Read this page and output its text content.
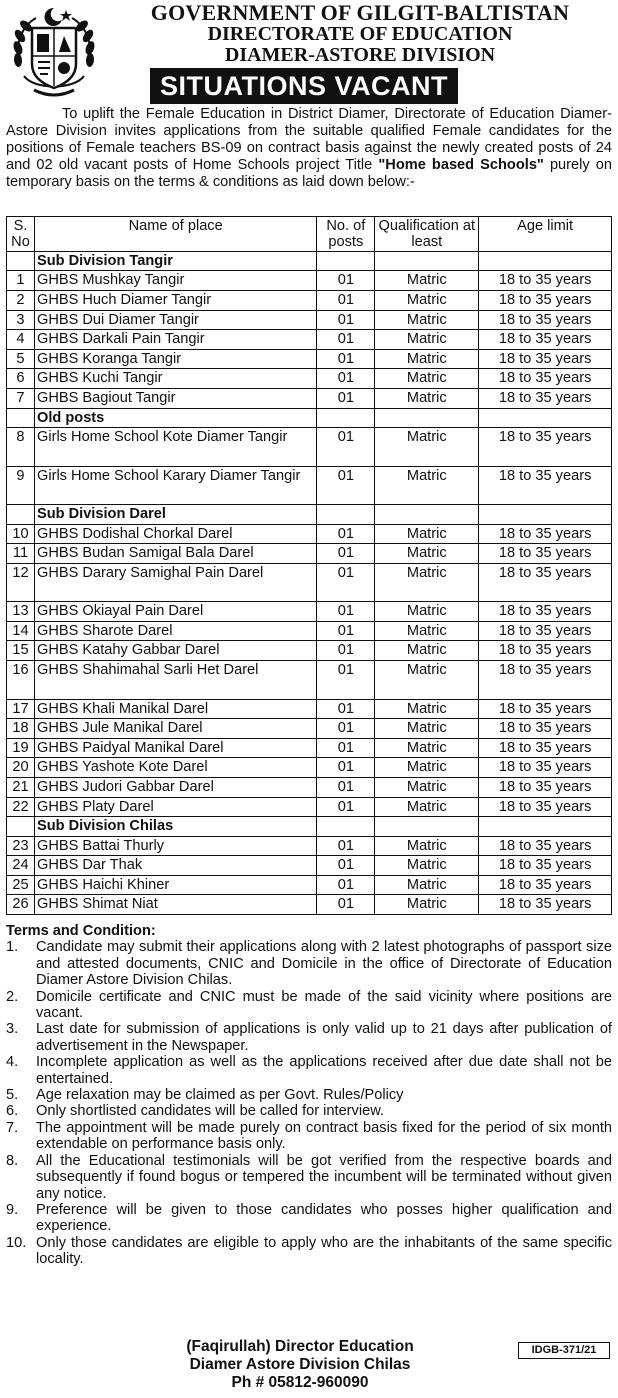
GOVERNMENT OF GILGIT-BALTISTAN
DIRECTORATE OF EDUCATION
DIAMER-ASTORE DIVISION
SITUATIONS VACANT

To uplift the Female Education in District Diamer, Directorate of Education Diamer-Astore Division invites applications from the suitable qualified Female candidates for the positions of Female teachers BS-09 on contract basis against the newly created posts of 24 and 02 old vacant posts of Home Schools project Title "Home based Schools" purely on temporary basis on the terms & conditions as laid down below:-

S. No	Name of place	No. of posts	Qualification at least	Age limit
	Sub Division Tangir			
1	GHBS Mushkay Tangir	01	Matric	18 to 35 years
2	GHBS Huch Diamer Tangir	01	Matric	18 to 35 years
3	GHBS Dui Diamer Tangir	01	Matric	18 to 35 years
4	GHBS Darkali Pain Tangir	01	Matric	18 to 35 years
5	GHBS Koranga Tangir	01	Matric	18 to 35 years
6	GHBS Kuchi Tangir	01	Matric	18 to 35 years
7	GHBS Bagiout Tangir	01	Matric	18 to 35 years
	Old posts			
8	Girls Home School Kote Diamer Tangir	01	Matric	18 to 35 years
9	Girls Home School Karary Diamer Tangir	01	Matric	18 to 35 years
	Sub Division Darel			
10	GHBS Dodishal Chorkal Darel	01	Matric	18 to 35 years
11	GHBS Budan Samigal Bala Darel	01	Matric	18 to 35 years
12	GHBS Darary Samighal Pain Darel	01	Matric	18 to 35 years
13	GHBS Okiayal Pain Darel	01	Matric	18 to 35 years
14	GHBS Sharote Darel	01	Matric	18 to 35 years
15	GHBS Katahy Gabbar Darel	01	Matric	18 to 35 years
16	GHBS Shahimahal Sarli Het Darel	01	Matric	18 to 35 years
17	GHBS Khali Manikal Darel	01	Matric	18 to 35 years
18	GHBS Jule Manikal Darel	01	Matric	18 to 35 years
19	GHBS Paidyal Manikal Darel	01	Matric	18 to 35 years
20	GHBS Yashote Kote Darel	01	Matric	18 to 35 years
21	GHBS Judori Gabbar Darel	01	Matric	18 to 35 years
22	GHBS Platy Darel	01	Matric	18 to 35 years
	Sub Division Chilas			
23	GHBS Battai Thurly	01	Matric	18 to 35 years
24	GHBS Dar Thak	01	Matric	18 to 35 years
25	GHBS Haichi Khiner	01	Matric	18 to 35 years
26	GHBS Shimat Niat	01	Matric	18 to 35 years
Terms and Condition:
1.	Candidate may submit their applications along with 2 latest photographs of passport size and attested documents, CNIC and Domicile in the office of Directorate of Education Diamer Astore Division Chilas.
2.	Domicile certificate and CNIC must be made of the said vicinity where positions are vacant.
3.	Last date for submission of applications is only valid up to 21 days after publication of advertisement in the Newspaper.
4.	Incomplete application as well as the applications received after due date shall not be entertained.
5.	Age relaxation may be claimed as per Govt. Rules/Policy
6.	Only shortlisted candidates will be called for interview.
7.	The appointment will be made purely on contract basis fixed for the period of six month extendable on performance basis only.
8.	All the Educational testimonials will be got verified from the respective boards and subsequently if found bogus or tempered the incumbent will be terminated without given any notice.
9.	Preference will be given to those candidates who posses higher qualification and experience.
10. Only those candidates are eligible to apply who are the inhabitants of the same specific locality.
(Faqirullah) Director Education
Diamer Astore Division Chilas
Ph # 05812-960090
IDGB-371/21
